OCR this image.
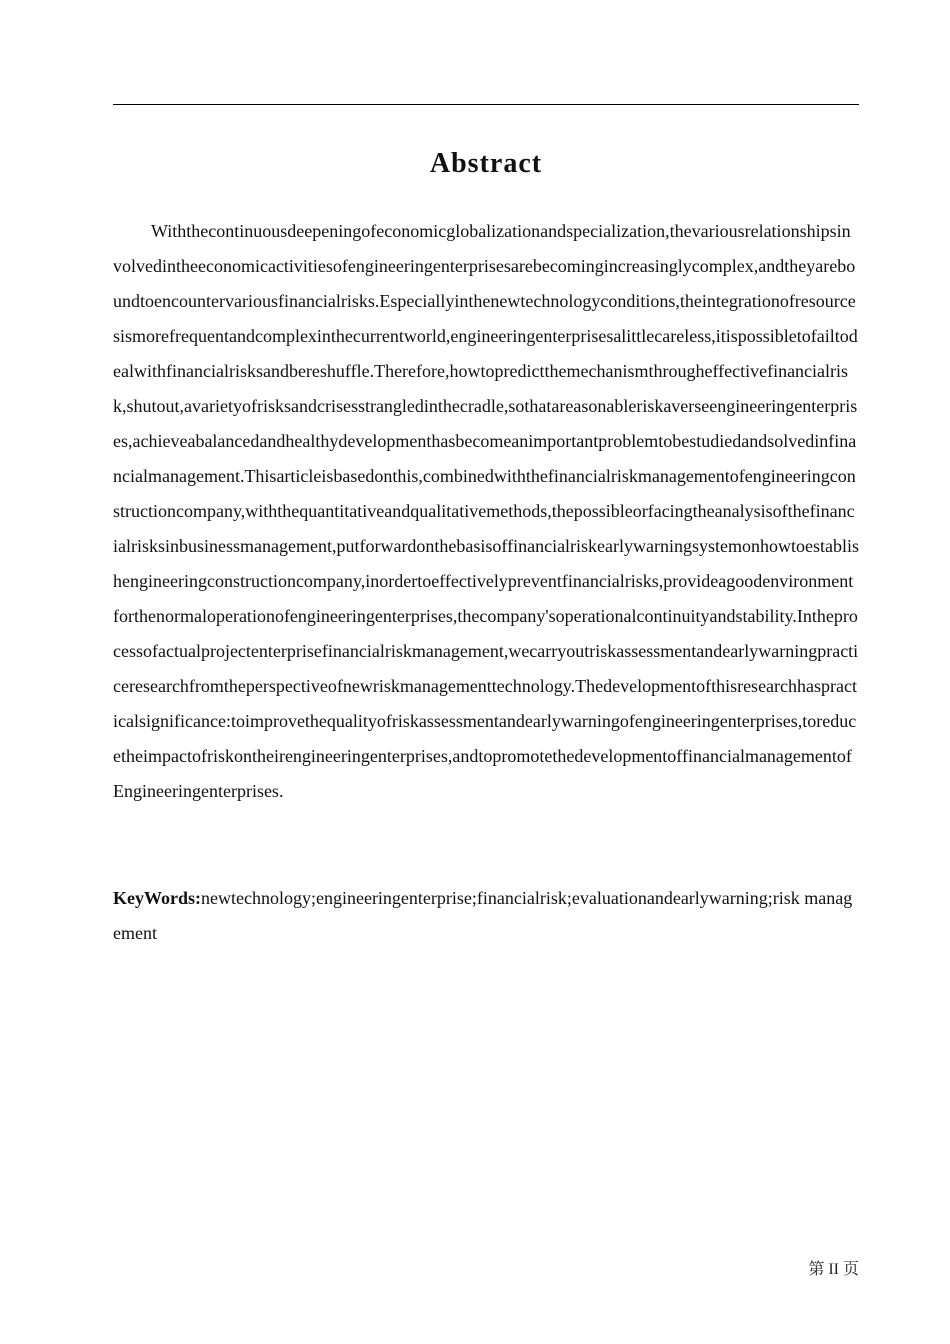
Abstract

Withthecontinuousdeepeningofeconomicglobalizationandspecialization,thevariousrelationshipsinvolvedintheeconomicactivitiesofengineeringenterprisesarebecomingincreasinglycomplex,andtheyareboundtoencountervariousfinancialrisks.Especiallyinthenewtechnologyconditions,theintegrationofresourcesismorefrequentandcomplexinthecurrentworld,engineeringenterprisesalittlecareless,itispossibletofailtodealwithfinancialrisksandbereshuffle.Therefore,howtopredictthemechanismthrougheffectivefinancialrisk,shutout,avarietyofrisksandcrisesstrangledinthecradle,sothatareasonableriskaverseengineeringenterprises,achieveabalancedandhealthydevelopmenthasbecomeanimportantproblemtobestudiedandsolvedinfinancialmanagement.Thisarticleisbasedonthis,combinedwiththefinancialriskmanagementofengineeringconstructioncompany,withthequantitativeandqualitativemethods,thepossibleorfacingtheanalysisofthefinancialrisksinbusinessmanagement,putforwardonthebasisoffinancialriskearlywarningsystemonhowtoestablishengineeringconstructioncompany,inordertoeffectivelypreventfinancialrisks,provideagoodenvironmentforthenormaloperationofengineeringenterprises,thecompany'soperationalcontinuityandstability.Intheprocessofactualprojectenterprisefinancialriskmanagement,wecarryoutriskassessmentandearlywarningpracticeresearchfromtheperspectiveofnewriskmanagementtechnology.Thedevelopmentofthisresearchhaspracticalsignificance:toimprovethequalityofriskassessmentandearlywarningofengineeringenterprises,toreducetheimpactofriskontheirengineeringenterprises,andtopromotethedevelopmentoffinancialmanagementofEngineeringenterprises.

KeyWords:newtechnology;engineeringenterprise;financialrisk;evaluationandearlywarning;risk management

第 II 页
